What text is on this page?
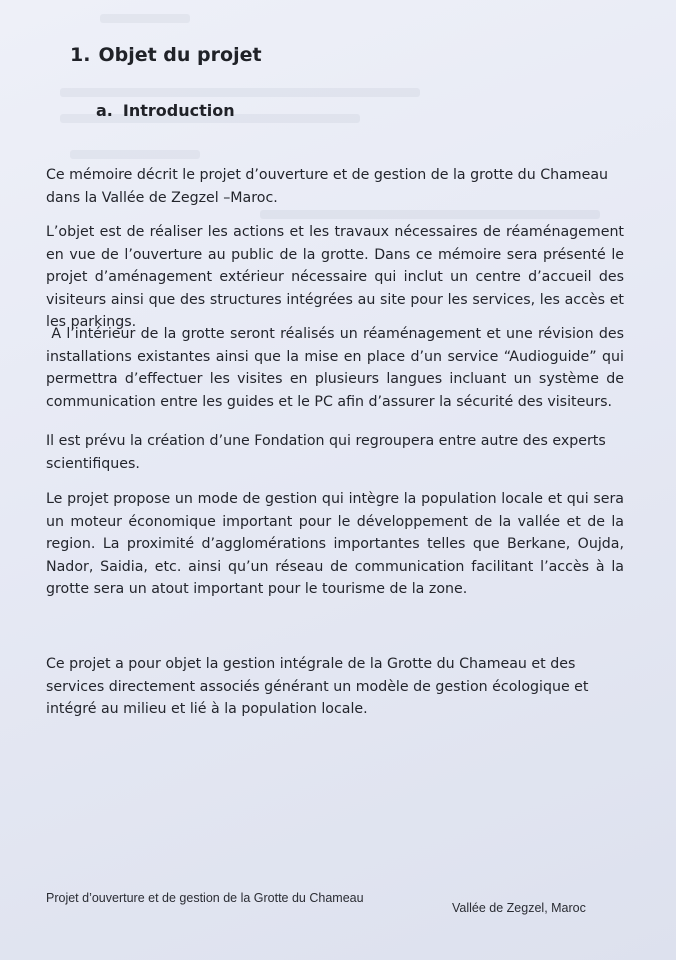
1. Objet du projet
a. Introduction

Ce mémoire décrit le projet d’ouverture et de gestion de la grotte du Chameau dans la Vallée de Zegzel –Maroc.

L’objet est de réaliser les actions et les travaux nécessaires de réaménagement en vue de l’ouverture au public de la grotte. Dans ce mémoire sera présenté le projet d’aménagement extérieur nécessaire qui inclut un centre d’accueil des visiteurs ainsi que des structures intégrées au site pour les services, les accès et les parkings.

A l’intérieur de la grotte seront réalisés un réaménagement et une révision des installations existantes ainsi que la mise en place d’un service “Audioguide” qui permettra d’effectuer les visites en plusieurs langues incluant un système de communication entre les guides et le PC afin d’assurer la sécurité des visiteurs.

Il est prévu la création d’une Fondation qui regroupera entre autre des experts scientifiques.

Le projet propose un mode de gestion qui intègre la population locale et qui sera un moteur économique important pour le développement de la vallée et de la region. La proximité d’agglomérations importantes telles que Berkane, Oujda, Nador, Saidia, etc. ainsi qu’un réseau de communication facilitant l’accès à la grotte sera un atout important pour le tourisme de la zone.

Ce projet a pour objet la gestion intégrale de la Grotte du Chameau et des services directement associés générant un modèle de gestion écologique et intégré au milieu et lié à la population locale.

Projet d’ouverture et de gestion de la Grotte du Chameau
Vallée de Zegzel, Maroc
